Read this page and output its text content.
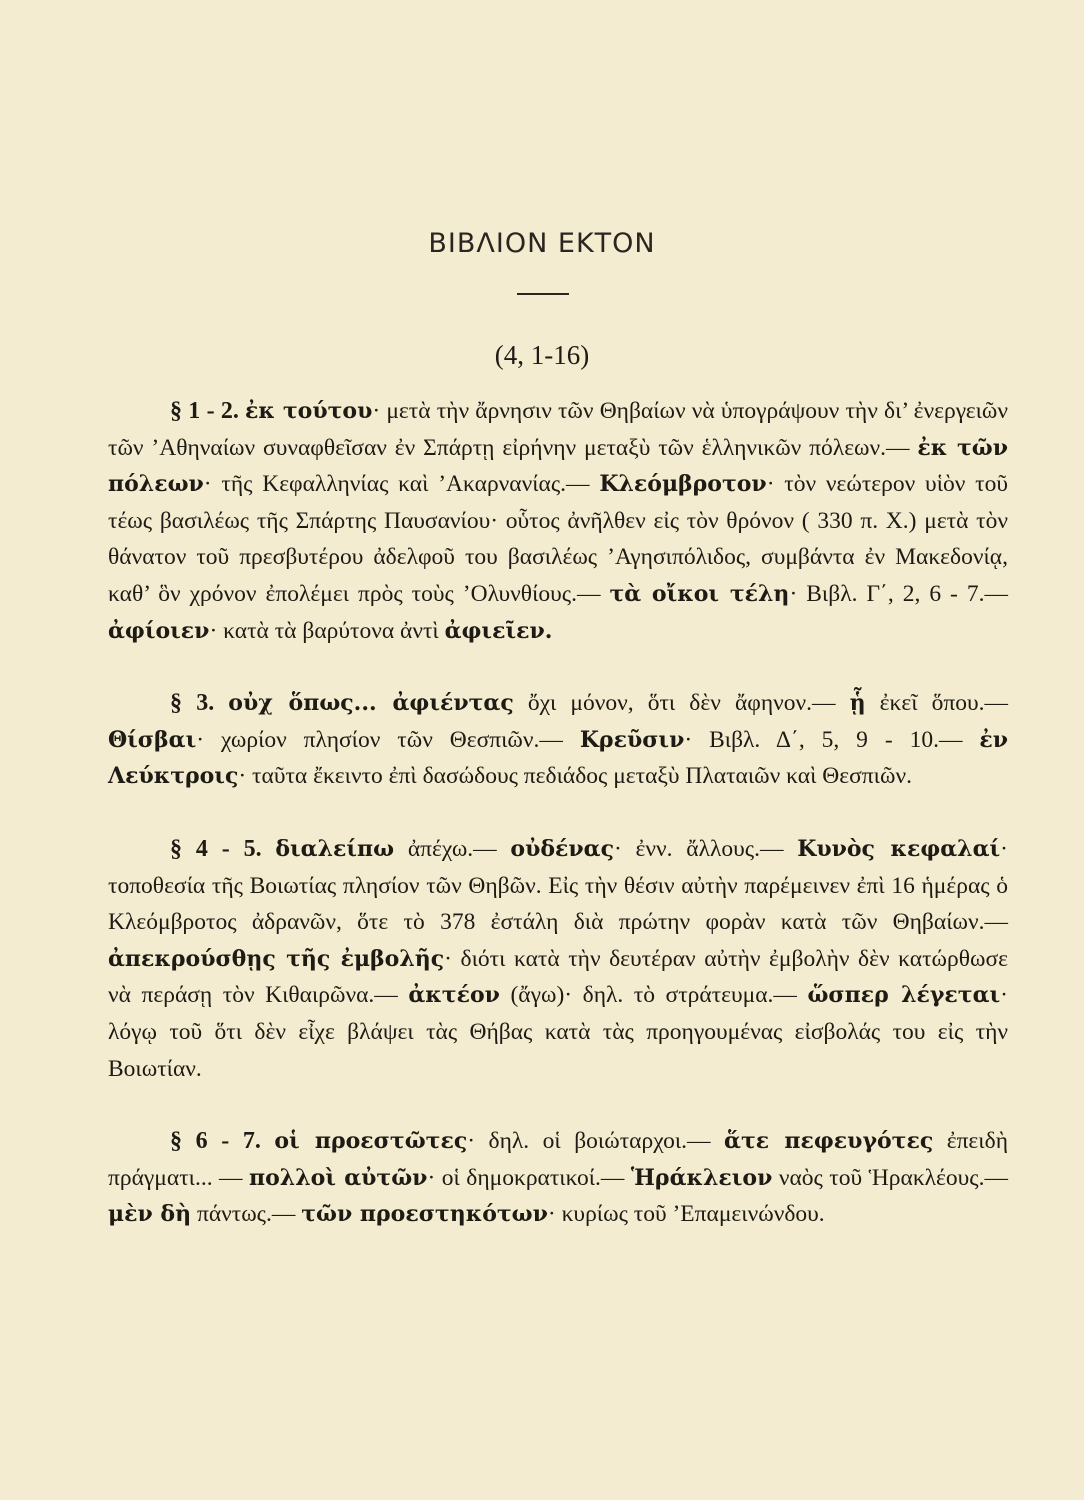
ΒΙΒΛΙΟΝ ΕΚΤΟΝ
(4, 1-16)

§ 1 - 2. ἐκ τούτου· μετὰ τὴν ἄρνησιν τῶν Θηβαίων νὰ ὑπογράψουν τὴν δι’ ἐνεργειῶν τῶν ’Αθηναίων συναφθεῖσαν ἐν Σπάρτῃ εἰρήνην μεταξὺ τῶν ἑλληνικῶν πόλεων.— ἐκ τῶν πόλεων· τῆς Κεφαλληνίας καὶ ’Ακαρνανίας.— Κλεόμβροτον· τὸν νεώτερον υἱὸν τοῦ τέως βασιλέως τῆς Σπάρτης Παυσανίου· οὗτος ἀνῆλθεν εἰς τὸν θρόνον ( 330 π. Χ.) μετὰ τὸν θάνατον τοῦ πρεσβυτέρου ἀδελφοῦ του βασιλέως ’Αγησιπόλιδος, συμβάντα ἐν Μακεδονίᾳ, καθ’ ὃν χρόνον ἐπολέμει πρὸς τοὺς ’Ολυνθίους.— τὰ οἴκοι τέλη· Βιβλ. Γ΄, 2, 6 - 7.— ἀφίοιεν· κατὰ τὰ βαρύτονα ἀντὶ ἀφιεῖεν.

§ 3. οὐχ ὅπως... ἀφιέντας ὄχι μόνον, ὅτι δὲν ἄφηνον.— ᾗ ἐκεῖ ὅπου.— Θίσβαι· χωρίον πλησίον τῶν Θεσπιῶν.— Κρεῦσιν· Βιβλ. Δ΄, 5, 9 - 10.— ἐν Λεύκτροις· ταῦτα ἔκειντο ἐπὶ δασώδους πεδιάδος μεταξὺ Πλαταιῶν καὶ Θεσπιῶν.

§ 4 - 5. διαλείπω ἀπέχω.— οὐδένας· ἐνν. ἄλλους.— Κυνὸς κεφαλαί· τοποθεσία τῆς Βοιωτίας πλησίον τῶν Θηβῶν. Εἰς τὴν θέσιν αὐτὴν παρέμεινεν ἐπὶ 16 ἡμέρας ὁ Κλεόμβροτος ἀδρανῶν, ὅτε τὸ 378 ἐστάλη διὰ πρώτην φορὰν κατὰ τῶν Θηβαίων.— ἀπεκρούσθῃς τῆς ἐμβολῆς· διότι κατὰ τὴν δευτέραν αὐτὴν ἐμβολὴν δὲν κατώρθωσε νὰ περάσῃ τὸν Κιθαιρῶνα.— ἀκτέον (ἄγω)· δηλ. τὸ στράτευμα.— ὥσπερ λέγεται· λόγῳ τοῦ ὅτι δὲν εἶχε βλάψει τὰς Θήβας κατὰ τὰς προηγουμένας εἰσβολάς του εἰς τὴν Βοιωτίαν.

§ 6 - 7. οἱ προεστῶτες· δηλ. οἱ βοιώταρχοι.— ἅτε πεφευγότες ἐπειδὴ πράγματι... — πολλοὶ αὐτῶν· οἱ δημοκρατικοί.— Ἡράκλειον ναὸς τοῦ Ἡρακλέους.— μὲν δὴ πάντως.— τῶν προεστηκότων· κυρίως τοῦ ’Επαμεινώνδου.
